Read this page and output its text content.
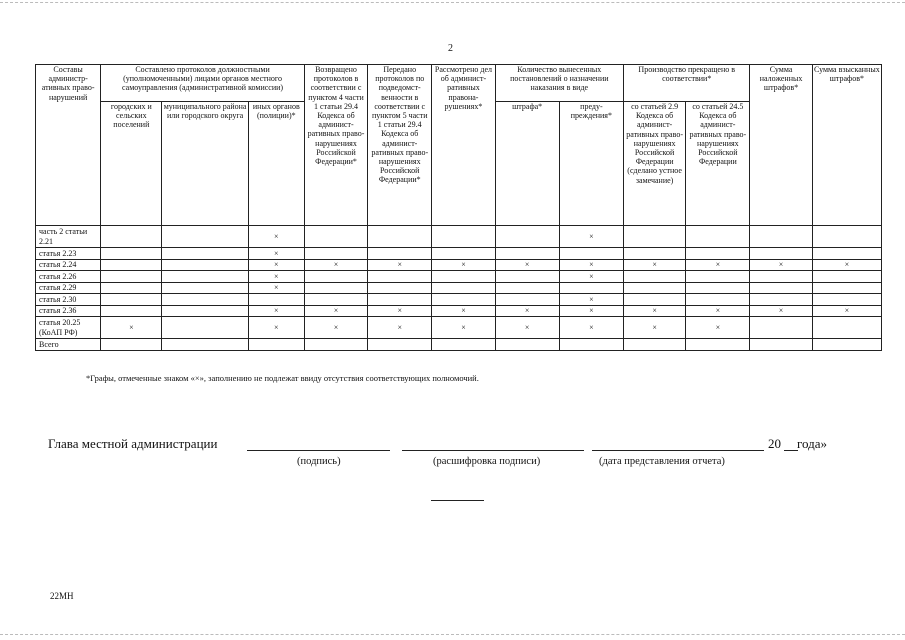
2
Составы администр-ативных право-нарушений	Составлено протоколов должностными (уполномоченными) лицами органов местного самоуправления (административной комиссии)			Возвращено протоколов в соответствии с пунктом 4 части 1 статьи 29.4 Кодекса об админист-ративных право-нарушениях Российской Федерации*	Передано протоколов по подведомст-венности в соответствии с пунктом 5 части 1 статьи 29.4 Кодекса об админист-ративных право-нарушениях Российской Федерации*	Рассмотрено дел об админист-ративных правона-рушениях*	Количество вынесенных постановлений о назначении наказания в виде		Производство прекращено в соответствии*		Сумма наложенных штрафов*	Сумма взысканных штрафов*
	городских и сельских поселений	муниципального района или городского округа	иных органов (полиции)*				штрафа*	преду-преждения*	со статьей 2.9 Кодекса об админист-ративных право-нарушениях Российской Федерации (сделано устное замечание)	со статьей 24.5 Кодекса об админист-ративных право-нарушениях Российской Федерации		
часть 2 статьи 2.21			×					×				
статья 2.23			×									
статья 2.24			×	×	×	×	×	×	×	×	×	×
статья 2.26			×					×				
статья 2.29			×									
статья 2.30								×				
статья 2.36			×	×	×	×	×	×	×	×	×	×
статья 20.25 (КоАП РФ)	×		×	×	×	×	×	×	×	×		
Всего												
*Графы, отмеченные знаком «×», заполнению не подлежат ввиду отсутствия соответствующих полномочий.
Глава местной администрации	20 года»
(подпись)	(расшифровка подписи)	(дата представления отчета)
22МН
